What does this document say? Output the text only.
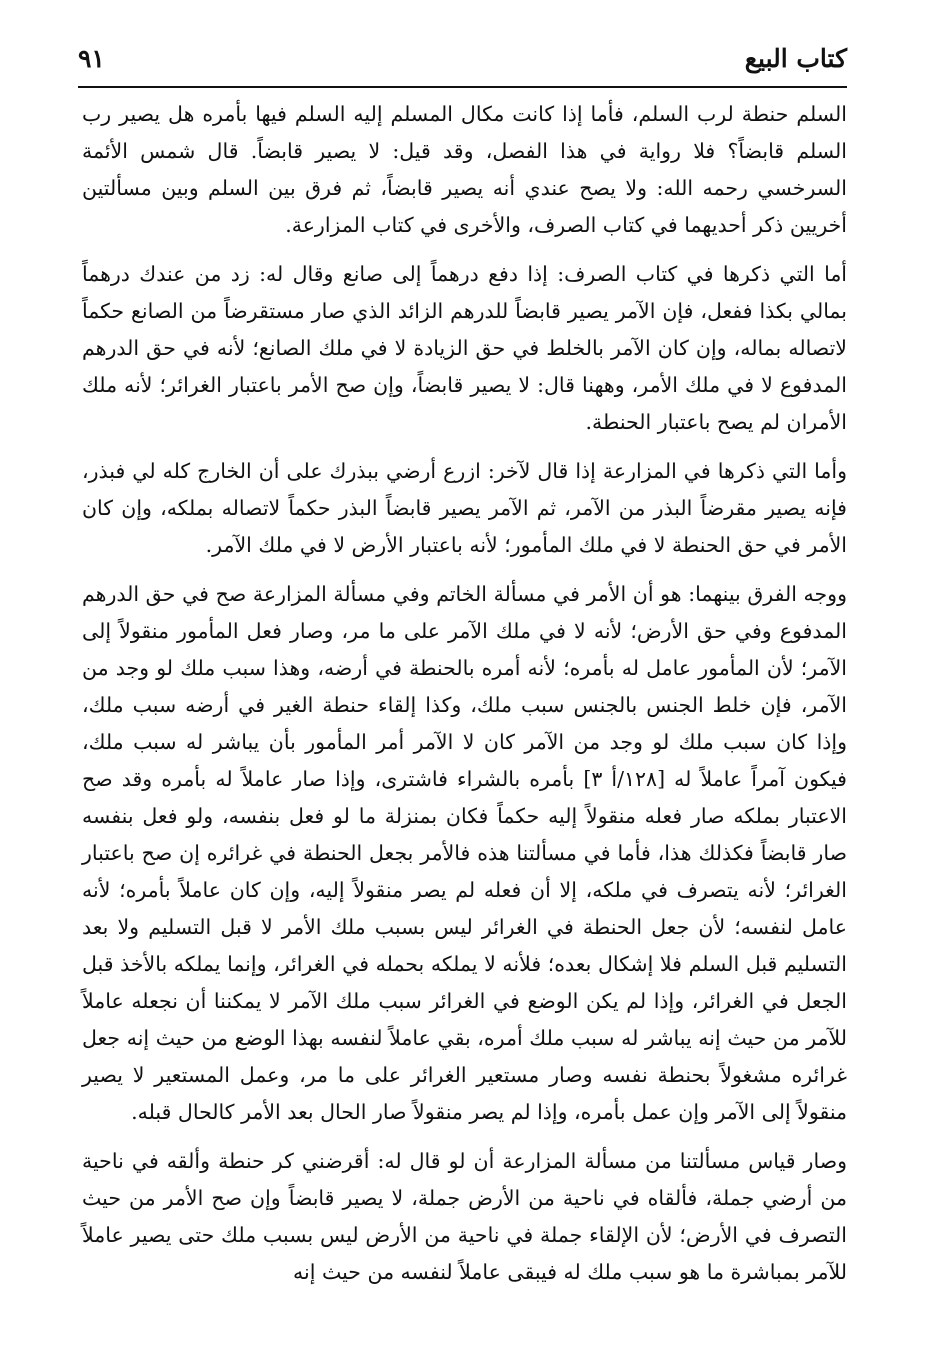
كتاب البيع
٩١

السلم حنطة لرب السلم، فأما إذا كانت مكال المسلم إليه السلم فيها بأمره هل يصير رب السلم قابضاً؟ فلا رواية في هذا الفصل، وقد قيل: لا يصير قابضاً. قال شمس الأئمة السرخسي رحمه الله: ولا يصح عندي أنه يصير قابضاً، ثم فرق بين السلم وبين مسألتين أخريين ذكر أحديهما في كتاب الصرف، والأخرى في كتاب المزارعة.

أما التي ذكرها في كتاب الصرف: إذا دفع درهماً إلى صانع وقال له: زد من عندك درهماً بمالي بكذا ففعل، فإن الآمر يصير قابضاً للدرهم الزائد الذي صار مستقرضاً من الصانع حكماً لاتصاله بماله، وإن كان الآمر بالخلط في حق الزيادة لا في ملك الصانع؛ لأنه في حق الدرهم المدفوع لا في ملك الأمر، وههنا قال: لا يصير قابضاً، وإن صح الأمر باعتبار الغرائر؛ لأنه ملك الأمران لم يصح باعتبار الحنطة.

وأما التي ذكرها في المزارعة إذا قال لآخر: ازرع أرضي ببذرك على أن الخارج كله لي فبذر، فإنه يصير مقرضاً البذر من الآمر، ثم الآمر يصير قابضاً البذر حكماً لاتصاله بملكه، وإن كان الأمر في حق الحنطة لا في ملك المأمور؛ لأنه باعتبار الأرض لا في ملك الآمر.

ووجه الفرق بينهما: هو أن الأمر في مسألة الخاتم وفي مسألة المزارعة صح في حق الدرهم المدفوع وفي حق الأرض؛ لأنه لا في ملك الآمر على ما مر، وصار فعل المأمور منقولاً إلى الآمر؛ لأن المأمور عامل له بأمره؛ لأنه أمره بالحنطة في أرضه، وهذا سبب ملك لو وجد من الآمر، فإن خلط الجنس بالجنس سبب ملك، وكذا إلقاء حنطة الغير في أرضه سبب ملك، وإذا كان سبب ملك لو وجد من الآمر كان لا الآمر أمر المأمور بأن يباشر له سبب ملك، فيكون آمراً عاملاً له [١٢٨/أ ٣] بأمره بالشراء فاشترى، وإذا صار عاملاً له بأمره وقد صح الاعتبار بملكه صار فعله منقولاً إليه حكماً فكان بمنزلة ما لو فعل بنفسه، ولو فعل بنفسه صار قابضاً فكذلك هذا، فأما في مسألتنا هذه فالأمر بجعل الحنطة في غرائره إن صح باعتبار الغرائر؛ لأنه يتصرف في ملكه، إلا أن فعله لم يصر منقولاً إليه، وإن كان عاملاً بأمره؛ لأنه عامل لنفسه؛ لأن جعل الحنطة في الغرائر ليس بسبب ملك الأمر لا قبل التسليم ولا بعد التسليم قبل السلم فلا إشكال بعده؛ فلأنه لا يملكه بحمله في الغرائر، وإنما يملكه بالأخذ قبل الجعل في الغرائر، وإذا لم يكن الوضع في الغرائر سبب ملك الآمر لا يمكننا أن نجعله عاملاً للآمر من حيث إنه يباشر له سبب ملك أمره، بقي عاملاً لنفسه بهذا الوضع من حيث إنه جعل غرائره مشغولاً بحنطة نفسه وصار مستعير الغرائر على ما مر، وعمل المستعير لا يصير منقولاً إلى الآمر وإن عمل بأمره، وإذا لم يصر منقولاً صار الحال بعد الأمر كالحال قبله.

وصار قياس مسألتنا من مسألة المزارعة أن لو قال له: أقرضني كر حنطة وألقه في ناحية من أرضي جملة، فألقاه في ناحية من الأرض جملة، لا يصير قابضاً وإن صح الأمر من حيث التصرف في الأرض؛ لأن الإلقاء جملة في ناحية من الأرض ليس بسبب ملك حتى يصير عاملاً للآمر بمباشرة ما هو سبب ملك له فيبقى عاملاً لنفسه من حيث إنه
